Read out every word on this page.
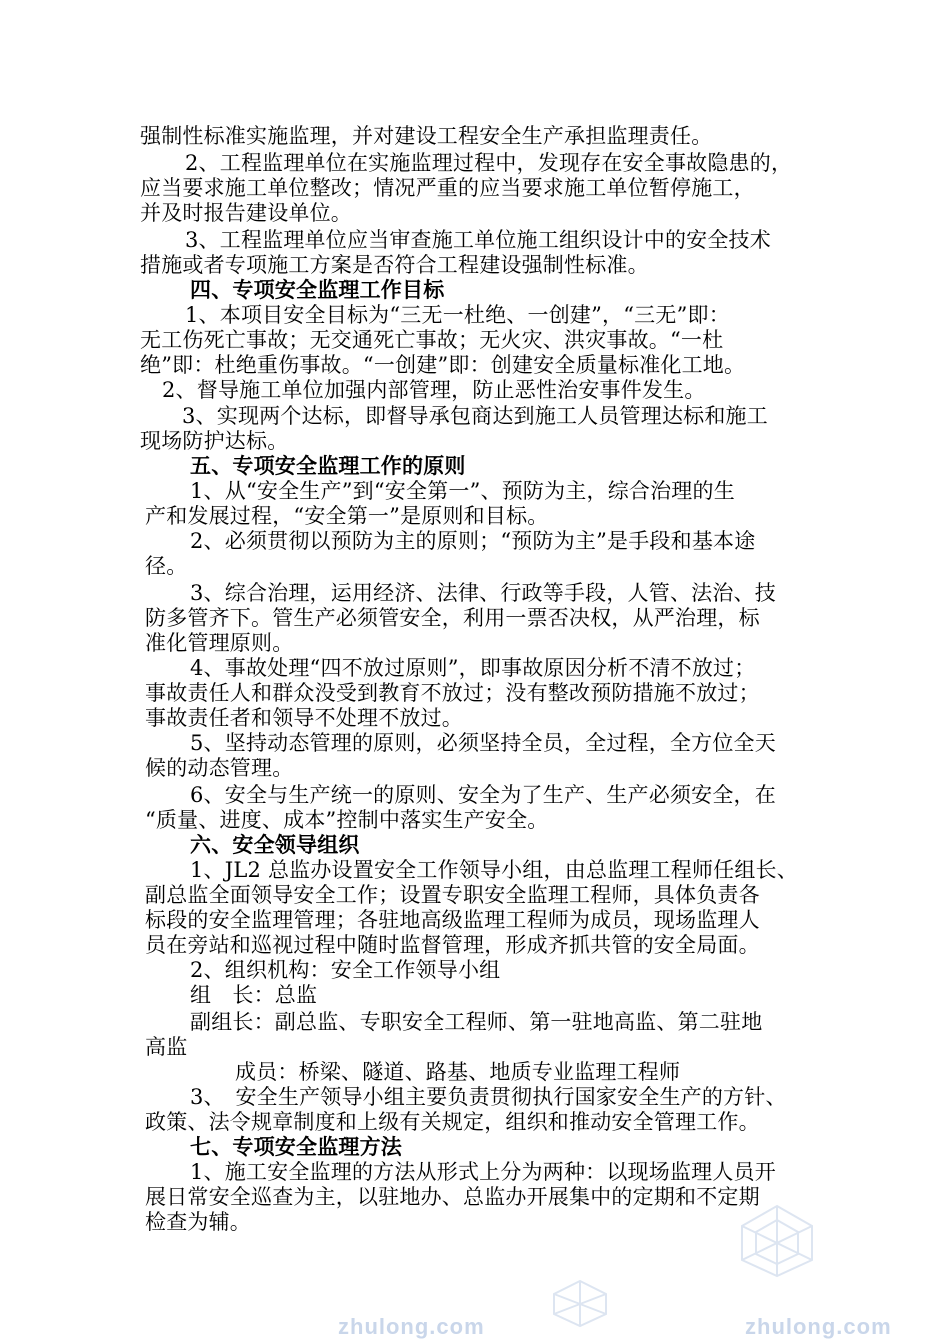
强制性标准实施监理，并对建设工程安全生产承担监理责任。
2、工程监理单位在实施监理过程中，发现存在安全事故隐患的，
应当要求施工单位整改；情况严重的应当要求施工单位暂停施工，
并及时报告建设单位。
3、工程监理单位应当审查施工单位施工组织设计中的安全技术
措施或者专项施工方案是否符合工程建设强制性标准。
四、专项安全监理工作目标
1、本项目安全目标为“三无一杜绝、一创建”，“三无”即：
无工伤死亡事故；无交通死亡事故；无火灾、洪灾事故。“一杜
绝”即：杜绝重伤事故。“一创建”即：创建安全质量标准化工地。
2、督导施工单位加强内部管理，防止恶性治安事件发生。
3、实现两个达标，即督导承包商达到施工人员管理达标和施工
现场防护达标。
五、专项安全监理工作的原则
1、从“安全生产”到“安全第一”、预防为主，综合治理的生
产和发展过程，“安全第一”是原则和目标。
2、必须贯彻以预防为主的原则；“预防为主”是手段和基本途
径。
3、综合治理，运用经济、法律、行政等手段，人管、法治、技
防多管齐下。管生产必须管安全，利用一票否决权，从严治理，标
准化管理原则。
4、事故处理“四不放过原则”，即事故原因分析不清不放过；
事故责任人和群众没受到教育不放过；没有整改预防措施不放过；
事故责任者和领导不处理不放过。
5、坚持动态管理的原则，必须坚持全员，全过程，全方位全天
候的动态管理。
6、安全与生产统一的原则、安全为了生产、生产必须安全，在
“质量、进度、成本”控制中落实生产安全。
六、安全领导组织
1、JL2 总监办设置安全工作领导小组，由总监理工程师任组长、
副总监全面领导安全工作；设置专职安全监理工程师，具体负责各
标段的安全监理管理；各驻地高级监理工程师为成员，现场监理人
员在旁站和巡视过程中随时监督管理，形成齐抓共管的安全局面。
2、组织机构：安全工作领导小组
组　长：总监
副组长：副总监、专职安全工程师、第一驻地高监、第二驻地
高监
成员：桥梁、隧道、路基、地质专业监理工程师
3、　安全生产领导小组主要负责贯彻执行国家安全生产的方针、
政策、法令规章制度和上级有关规定，组织和推动安全管理工作。
七、专项安全监理方法
1、施工安全监理的方法从形式上分为两种：以现场监理人员开
展日常安全巡查为主，以驻地办、总监办开展集中的定期和不定期
检查为辅。
zhulong.com	zhulong.com
